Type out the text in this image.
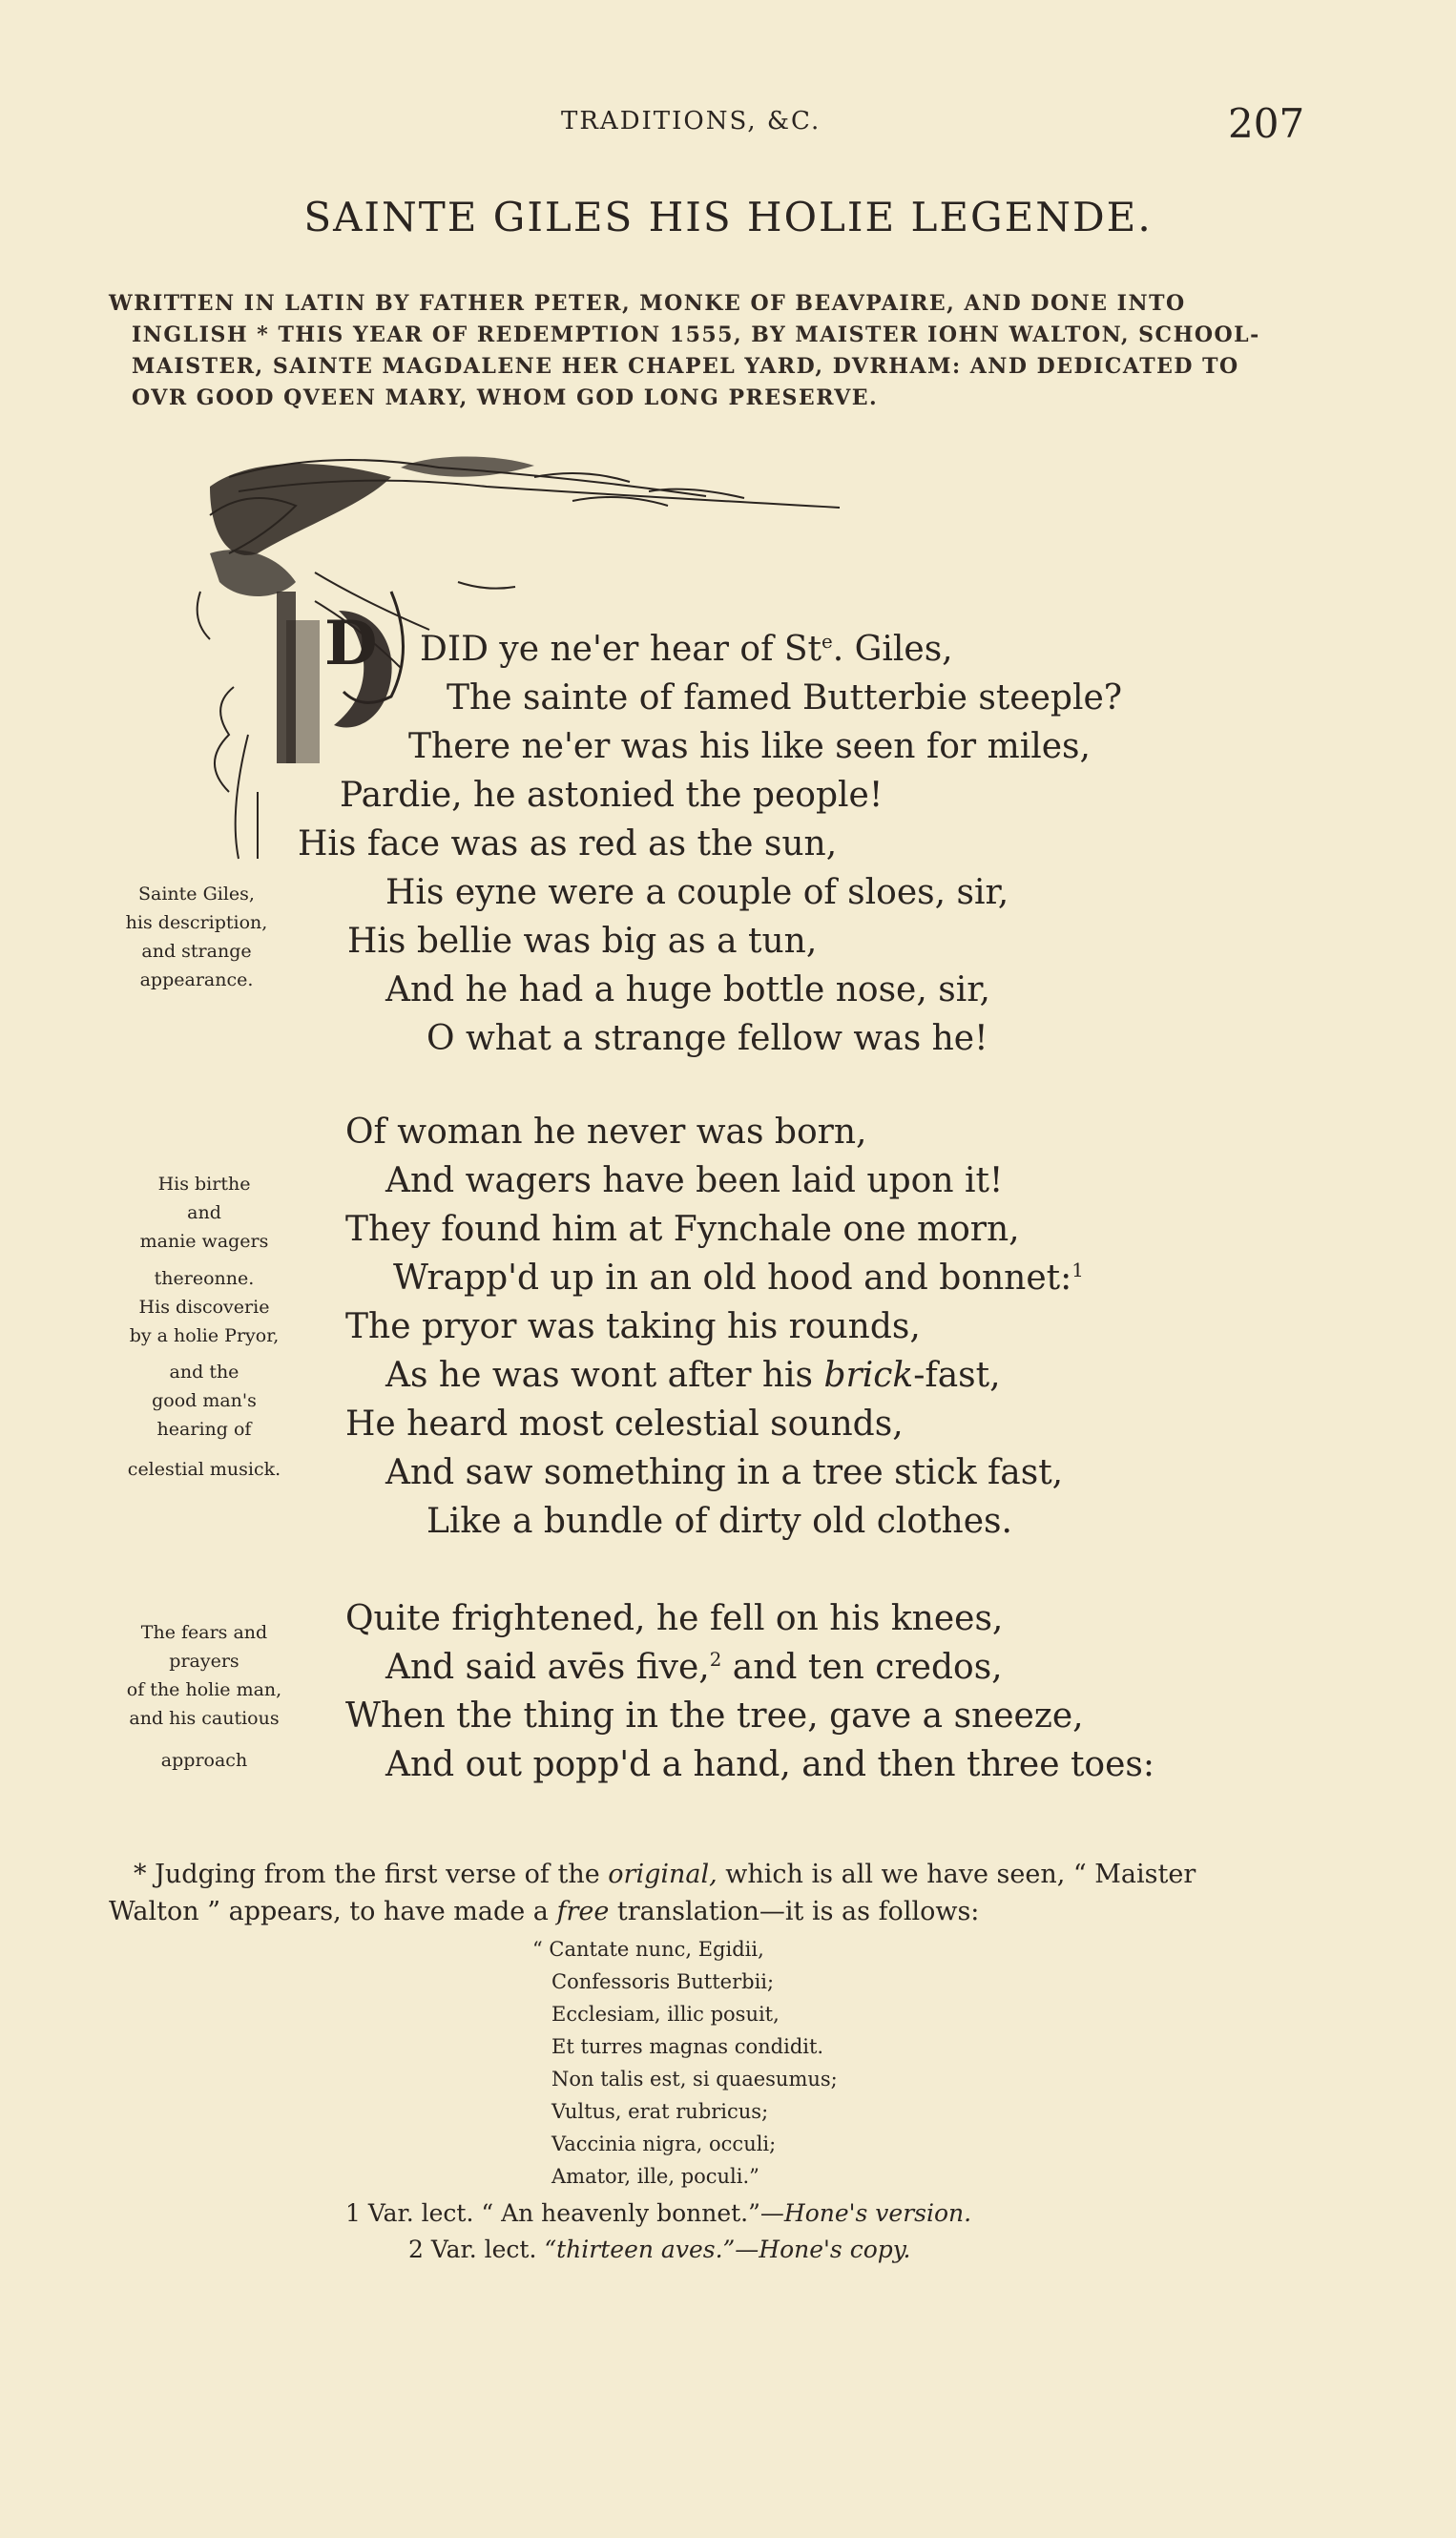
TRADITIONS, &C.	207
SAINTE GILES HIS HOLIE LEGENDE.
WRITTEN IN LATIN BY FATHER PETER, MONKE OF BEAVPAIRE, AND DONE INTO
INGLISH * THIS YEAR OF REDEMPTION 1555, BY MAISTER IOHN WALTON, SCHOOL-
MAISTER, SAINTE MAGDALENE HER CHAPEL YARD, DVRHAM: AND DEDICATED TO
OVR GOOD QVEEN MARY, WHOM GOD LONG PRESERVE.
D DID ye ne'er hear of St$^e$. Giles,
The sainte of famed Butterbie steeple?
There ne'er was his like seen for miles,
Pardie, he astonied the people!
His face was as red as the sun,
His eyne were a couple of sloes, sir,
His bellie was big as a tun,
And he had a huge bottle nose, sir,
O what a strange fellow was he!
Sainte Giles,
his description,
and strange
appearance.
Of woman he never was born,
And wagers have been laid upon it!
They found him at Fynchale one morn,
Wrapp'd up in an old hood and bonnet:$^1$
The pryor was taking his rounds,
As he was wont after his brick-fast,
He heard most celestial sounds,
And saw something in a tree stick fast,
Like a bundle of dirty old clothes.
His birthe
and
manie wagers
thereonne.
His discoverie
by a holie Pryor,
and the
good man's
hearing of
celestial musick.
Quite frightened, he fell on his knees,
And said avēs five,$^2$ and ten credos,
When the thing in the tree, gave a sneeze,
And out popp'd a hand, and then three toes:
The fears and
prayers
of the holie man,
and his cautious
approach
* Judging from the first verse of the original, which is all we have seen, “ Maister
Walton ” appears, to have made a free translation—it is as follows:
“ Cantate nunc, Egidii,
Confessoris Butterbii;
Ecclesiam, illic posuit,
Et turres magnas condidit.
Non talis est, si quaesumus;
Vultus, erat rubricus;
Vaccinia nigra, occuli;
Amator, ille, poculi.”
1 Var. lect. “ An heavenly bonnet.”—Hone's version.
2 Var. lect. “thirteen aves.”—Hone's copy.
